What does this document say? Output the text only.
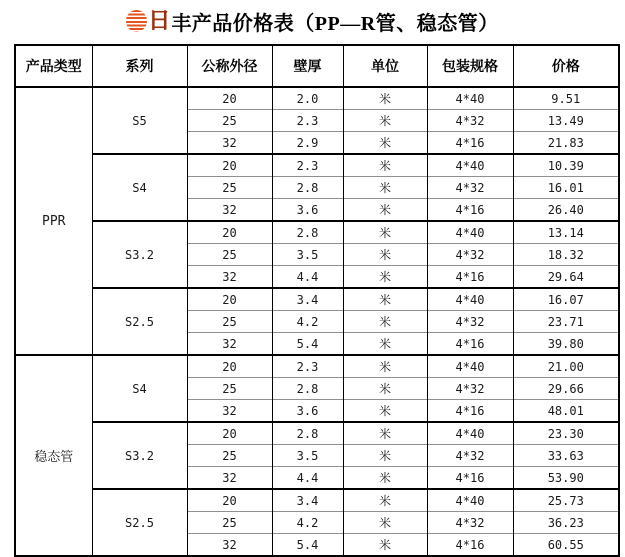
日 丰产品价格表（PP—R管、稳态管）
产品类型	系列	公称外径	壁厚	单位	包装规格	价格
PPR	S5	20	2.0	米	4*40	9.51
		25	2.3	米	4*32	13.49
		32	2.9	米	4*16	21.83
	S4	20	2.3	米	4*40	10.39
		25	2.8	米	4*32	16.01
		32	3.6	米	4*16	26.40
	S3.2	20	2.8	米	4*40	13.14
		25	3.5	米	4*32	18.32
		32	4.4	米	4*16	29.64
	S2.5	20	3.4	米	4*40	16.07
		25	4.2	米	4*32	23.71
		32	5.4	米	4*16	39.80
稳态管	S4	20	2.3	米	4*40	21.00
		25	2.8	米	4*32	29.66
		32	3.6	米	4*16	48.01
	S3.2	20	2.8	米	4*40	23.30
		25	3.5	米	4*32	33.63
		32	4.4	米	4*16	53.90
	S2.5	20	3.4	米	4*40	25.73
		25	4.2	米	4*32	36.23
		32	5.4	米	4*16	60.55
